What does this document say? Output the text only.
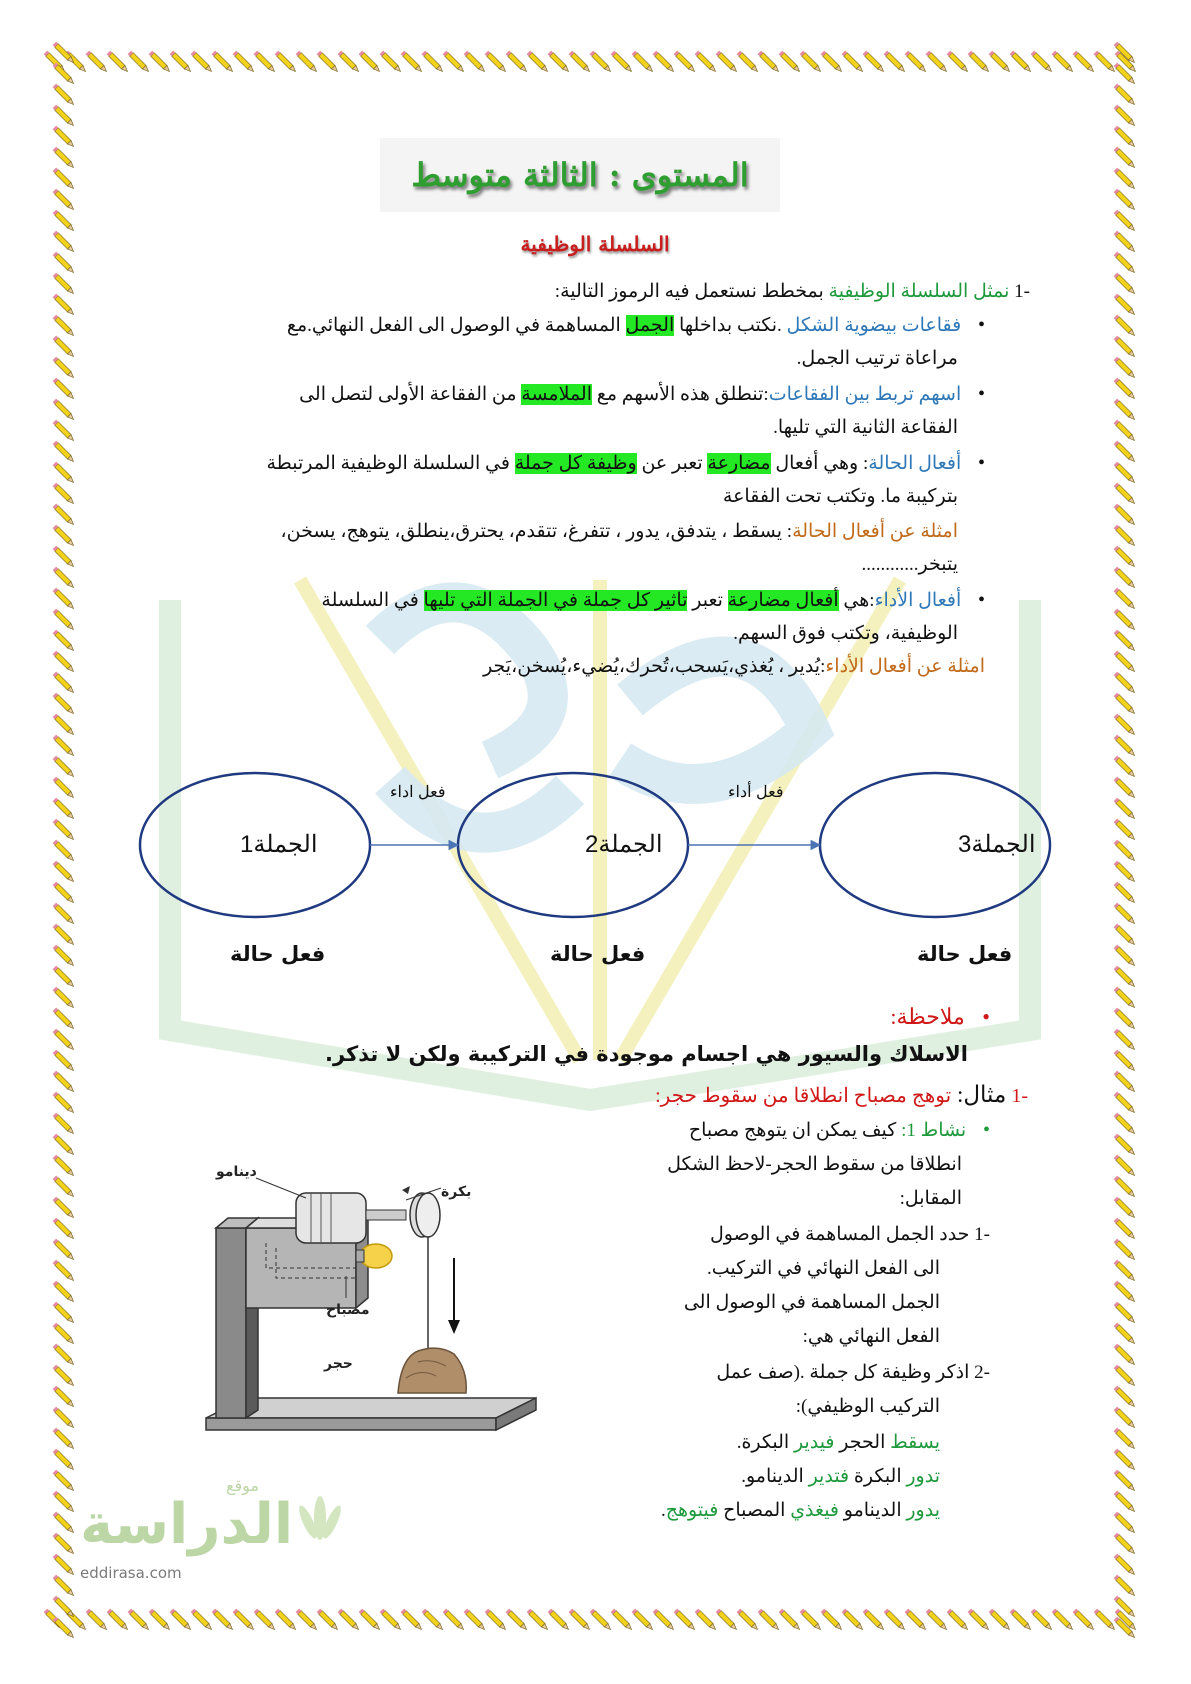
المستوى : الثالثة متوسط
السلسلة الوظيفية
-1 نمثل السلسلة الوظيفية بمخطط نستعمل فيه الرموز التالية:
• فقاعات بيضوية الشكل .نكتب بداخلها الجمل المساهمة في الوصول الى الفعل النهائي.مع
مراعاة ترتيب الجمل.
• اسهم تربط بين الفقاعات:تنطلق هذه الأسهم مع الملامسة من الفقاعة الأولى لتصل الى
الفقاعة الثانية التي تليها.
• أفعال الحالة: وهي أفعال مضارعة تعبر عن وظيفة كل جملة في السلسلة الوظيفية المرتبطة
بتركيبة ما. وتكتب تحت الفقاعة
امثلة عن أفعال الحالة: يسقط ، يتدفق، يدور ، تتفرغ، تتقدم، يحترق،ينطلق، يتوهج، يسخن،
يتبخر............
• أفعال الأداء:هي أفعال مضارعة تعبر تاثير كل جملة في الجملة التي تليها في السلسلة
الوظيفية، وتكتب فوق السهم.
امثلة عن أفعال الأداء:يُدير ، يُغذي،يَسحب،تُحرك،يُضيء،يُسخن،يَجر
فعل اداء	فعل أداء
الجملة1	الجملة2	الجملة3
فعل حالة	فعل حالة	فعل حالة
• ملاحظة:
الاسلاك والسيور هي اجسام موجودة في التركيبة ولكن لا تذكر.
-1 مثال: توهج مصباح انطلاقا من سقوط حجر:
• نشاط 1: كيف يمكن ان يتوهج مصباح
انطلاقا من سقوط الحجر-لاحظ الشكل
المقابل:
-1 حدد الجمل المساهمة في الوصول
الى الفعل النهائي في التركيب.
الجمل المساهمة في الوصول الى
الفعل النهائي هي:
-2 اذكر وظيفة كل جملة .(صف عمل
التركيب الوظيفي):
يسقط الحجر فيدير البكرة.
تدور البكرة فتدير الدينامو.
يدور الدينامو فيغذي المصباح فيتوهج.
دينامو
بكرة
مصباح
حجر
موقع
الدراسة
eddirasa.com
